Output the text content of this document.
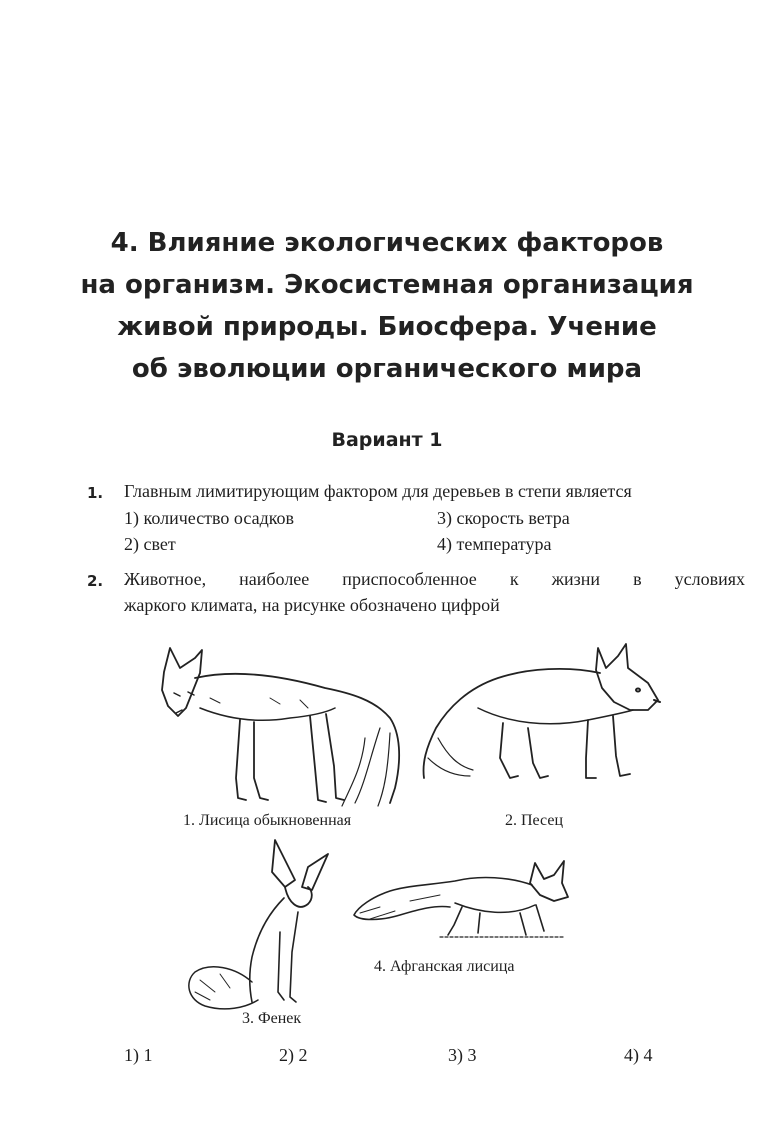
4. Влияние экологических факторов
на организм. Экосистемная организация
живой природы. Биосфера. Учение
об эволюции органического мира
Вариант 1
1. Главным лимитирующим фактором для деревьев в степи является
1) количество осадков	3) скорость ветра
2) свет	4) температура
2. Животное, наиболее приспособленное к жизни в условиях
жаркого климата, на рисунке обозначено цифрой
1. Лисица обыкновенная	2. Песец
3. Фенек
4. Афганская лисица
1) 1	2) 2	3) 3	4) 4
